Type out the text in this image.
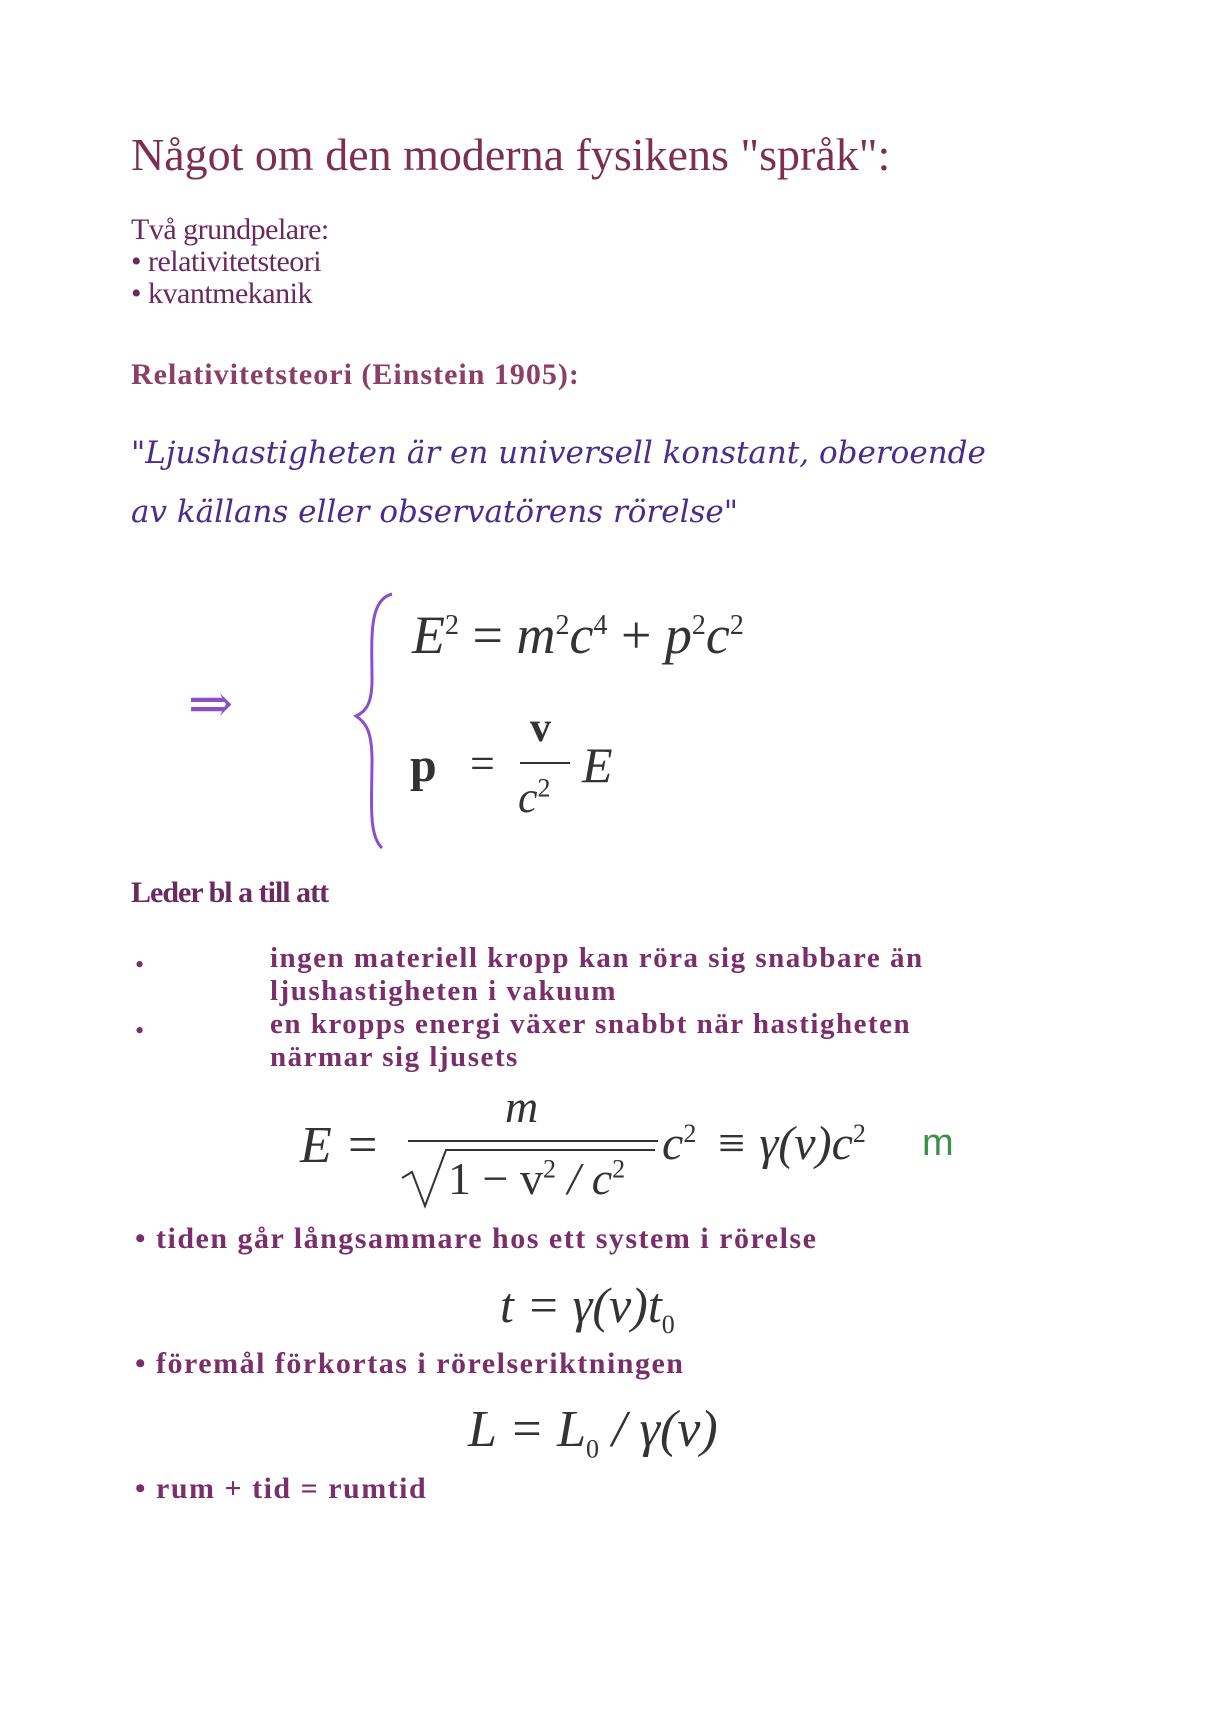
Något om den moderna fysikens "språk":
Två grundpelare:
• relativitetsteori
• kvantmekanik
Relativitetsteori (Einstein 1905):
"Ljushastigheten är en universell konstant, oberoende
av källans eller observatörens rörelse"
⇒
$E^2 = m^2c^4 + p^2c^2$
p =
v
$c^2$ E
Leder bl a till att
•	ingen materiell kropp kan röra sig snabbare än
ljushastigheten i vakuum
•	en kropps energi växer snabbt när hastigheten
närmar sig ljusets
E =
m
$1 - v^2 / c^2$ $c^2 \equiv \gamma(v)c^2$ m
• tiden går långsammare hos ett system i rörelse
$t = \gamma(v)t_0$
• föremål förkortas i rörelseriktningen
$L = L_0 / \gamma(v)$
• rum + tid = rumtid
